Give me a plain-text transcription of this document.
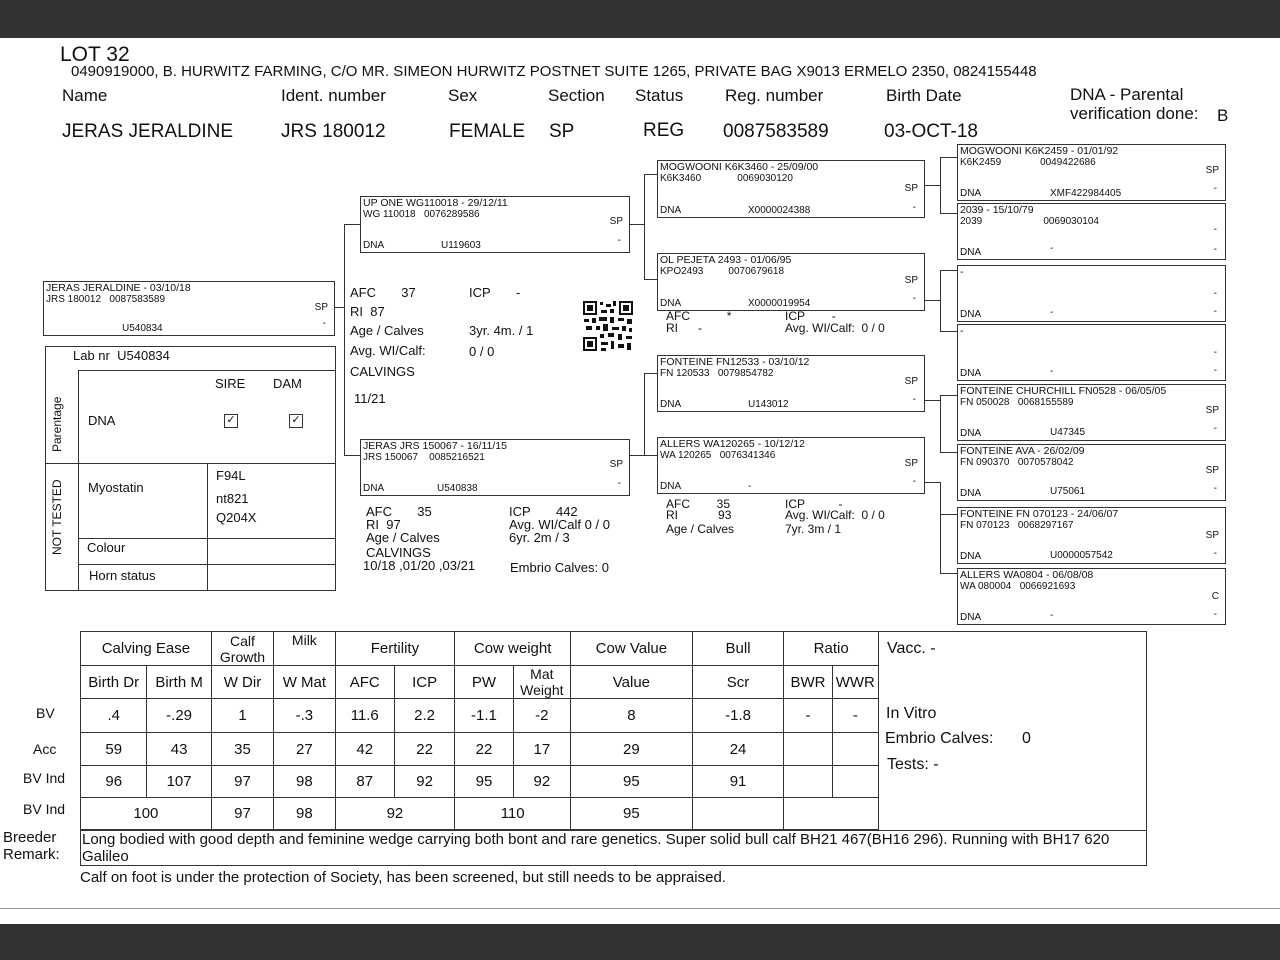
LOT 32
0490919000, B. HURWITZ FARMING, C/O MR. SIMEON HURWITZ POSTNET SUITE 1265, PRIVATE BAG X9013 ERMELO 2350, 0824155448
Name	Ident. number	Sex	Section Status Reg. number	Birth Date	DNA - Parental
verification done: B
JERAS JERALDINE	JRS 180012	FEMALE SP	REG 0087583589	03-OCT-18
JERAS JERALDINE - 03/10/18
JRS 180012 0087583589
SP
-
U540834
Lab nr U540834
Parentage
NOT TESTED
SIRE DAM
DNA	✓	✓
Myostatin
F94L
nt821
Q204X
Colour
Horn status
AFC 37	ICP -
RI 87
Age / Calves	3yr. 4m. / 1
Avg. WI/Calf:	0 / 0
CALVINGS
11/21
UP ONE WG110018 - 29/12/11
WG 110018 0076289586
SP
-
DNA	U119603
JERAS JRS 150067 - 16/11/15
JRS 150067 0085216521
SP
-
DNA	U540838
AFC 35
RI 97
Age / Calves
CALVINGS
10/18 ,01/20 ,03/21
ICP 442
Avg. WI/Calf 0 / 0
6yr. 2m / 3
Embrio Calves: 0
MOGWOONI K6K3460 - 25/09/00
K6K3460	0069030120
SP
-
DNA	X0000024388
OL PEJETA 2493 - 01/06/95
KPO2493	0070679618
SP
-
DNA	X0000019954
AFC	*
RI -
ICP -
Avg. WI/Calf: 0 / 0
FONTEINE FN12533 - 03/10/12
FN 120533 0079854782
SP
-
DNA	U143012
ALLERS WA120265 - 10/12/12
WA 120265 0076341346
SP
-
DNA	-
AFC 35
RI	93
Age / Calves
ICP	-
Avg. WI/Calf: 0 / 0
7yr. 3m / 1
MOGWOONI K6K2459 - 01/01/92
K6K2459	0049422686
SP
-
DNA	XMF422984405
2039 - 15/10/79
2039	0069030104
-
-
DNA	-
-
-
-
DNA	-
-
-
-
DNA	-
FONTEINE CHURCHILL FN0528 - 06/05/05
FN 050028 0068155589
SP
-
DNA	U47345
FONTEINE AVA - 26/02/09
FN 090370 0070578042
SP
-
DNA	U75061
FONTEINE FN 070123 - 24/06/07
FN 070123 0068297167
SP
-
DNA	U0000057542
ALLERS WA0804 - 06/08/08
WA 080004 0066921693
C
-
DNA	-
Calving Ease		Calf Growth	Milk	Fertility		Cow weight		Cow Value	Bull	Ratio	
Birth Dr	Birth M	W Dir	W Mat	AFC	ICP	PW	Mat Weight	Value	Scr	BWR	WWR
.4	-.29	1	-.3	11.6	2.2	-1.1	-2	8	-1.8	-	-
59	43	35	27	42	22	22	17	29	24		
96	107	97	98	87	92	95	92	95	91		
100		97	98	92		110		95			
BV
Acc
BV Ind
BV Ind
Vacc. -
In Vitro
Embrio Calves: 0
Tests: -
Breeder
Remark:
Long bodied with good depth and feminine wedge carrying both bont and rare genetics. Super solid bull calf BH21 467(BH16 296). Running with BH17 620 Galileo
Calf on foot is under the protection of Society, has been screened, but still needs to be appraised.
